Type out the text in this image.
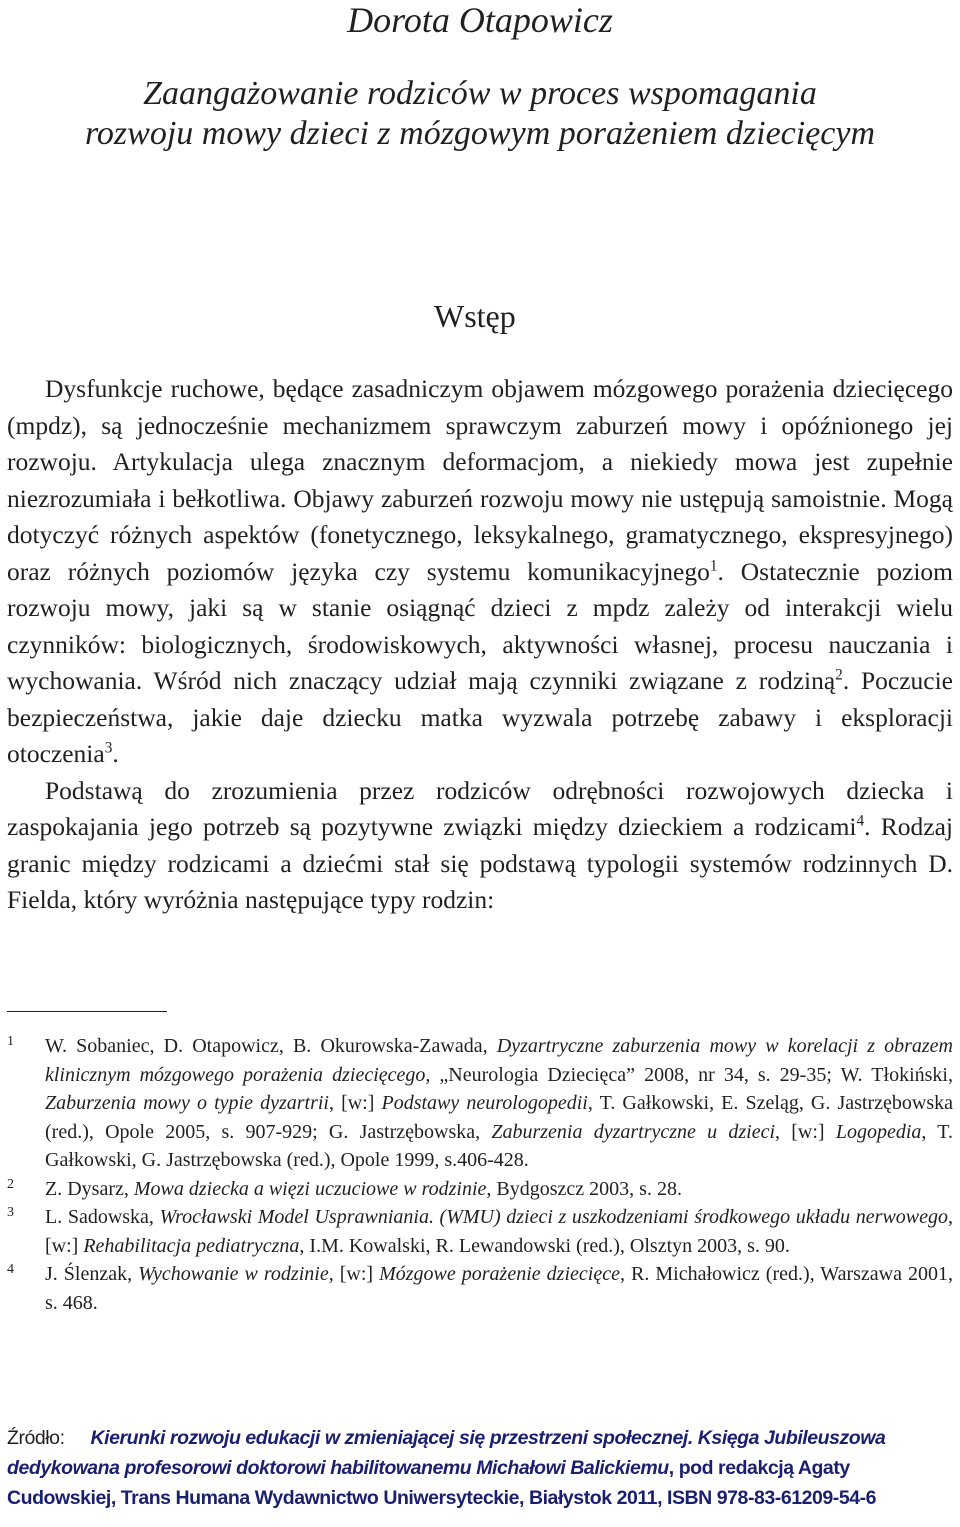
Dorota Otapowicz
Zaangażowanie rodziców w proces wspomagania
rozwoju mowy dzieci z mózgowym porażeniem dziecięcym
Wstęp

Dysfunkcje ruchowe, będące zasadniczym objawem mózgowego porażenia dziecięcego (mpdz), są jednocześnie mechanizmem sprawczym zaburzeń mowy i opóźnionego jej rozwoju. Artykulacja ulega znacznym deformacjom, a niekiedy mowa jest zupełnie niezrozumiała i bełkotliwa. Objawy zaburzeń rozwoju mowy nie ustępują samoistnie. Mogą dotyczyć różnych aspektów (fonetycznego, leksykalnego, gramatycznego, ekspresyjnego) oraz różnych poziomów języka czy systemu komunikacyjnego$^1$. Ostatecznie poziom rozwoju mowy, jaki są w stanie osiągnąć dzieci z mpdz zależy od interakcji wielu czynników: biologicznych, środowiskowych, aktywności własnej, procesu nauczania i wychowania. Wśród nich znaczący udział mają czynniki związane z rodziną$^2$. Poczucie bezpieczeństwa, jakie daje dziecku matka wyzwala potrzebę zabawy i eksploracji otoczenia$^3$.

Podstawą do zrozumienia przez rodziców odrębności rozwojowych dziecka i zaspokajania jego potrzeb są pozytywne związki między dzieckiem a rodzicami$^4$. Rodzaj granic między rodzicami a dziećmi stał się podstawą typologii systemów rodzinnych D. Fielda, który wyróżnia następujące typy rodzin:

1	W. Sobaniec, D. Otapowicz, B. Okurowska-Zawada, Dyzartryczne zaburzenia mowy w korelacji z obrazem klinicznym mózgowego porażenia dziecięcego, „Neurologia Dziecięca” 2008, nr 34, s. 29-35; W. Tłokiński, Zaburzenia mowy o typie dyzartrii, [w:] Podstawy neurologopedii, T. Gałkowski, E. Szeląg, G. Jastrzębowska (red.), Opole 2005, s. 907-929; G. Jastrzębowska, Zaburzenia dyzartryczne u dzieci, [w:] Logopedia, T. Gałkowski, G. Jastrzębowska (red.), Opole 1999, s.406-428.
2	Z. Dysarz, Mowa dziecka a więzi uczuciowe w rodzinie, Bydgoszcz 2003, s. 28.
3	L. Sadowska, Wrocławski Model Usprawniania. (WMU) dzieci z uszkodzeniami środkowego układu nerwowego, [w:] Rehabilitacja pediatryczna, I.M. Kowalski, R. Lewandowski (red.), Olsztyn 2003, s. 90.
4	J. Ślenzak, Wychowanie w rodzinie, [w:] Mózgowe porażenie dziecięce, R. Michałowicz (red.), Warszawa 2001, s. 468.
Źródło: Kierunki rozwoju edukacji w zmieniającej się przestrzeni społecznej. Księga Jubileuszowa dedykowana profesorowi doktorowi habilitowanemu Michałowi Balickiemu, pod redakcją Agaty Cudowskiej, Trans Humana Wydawnictwo Uniwersyteckie, Białystok 2011, ISBN 978-83-61209-54-6
